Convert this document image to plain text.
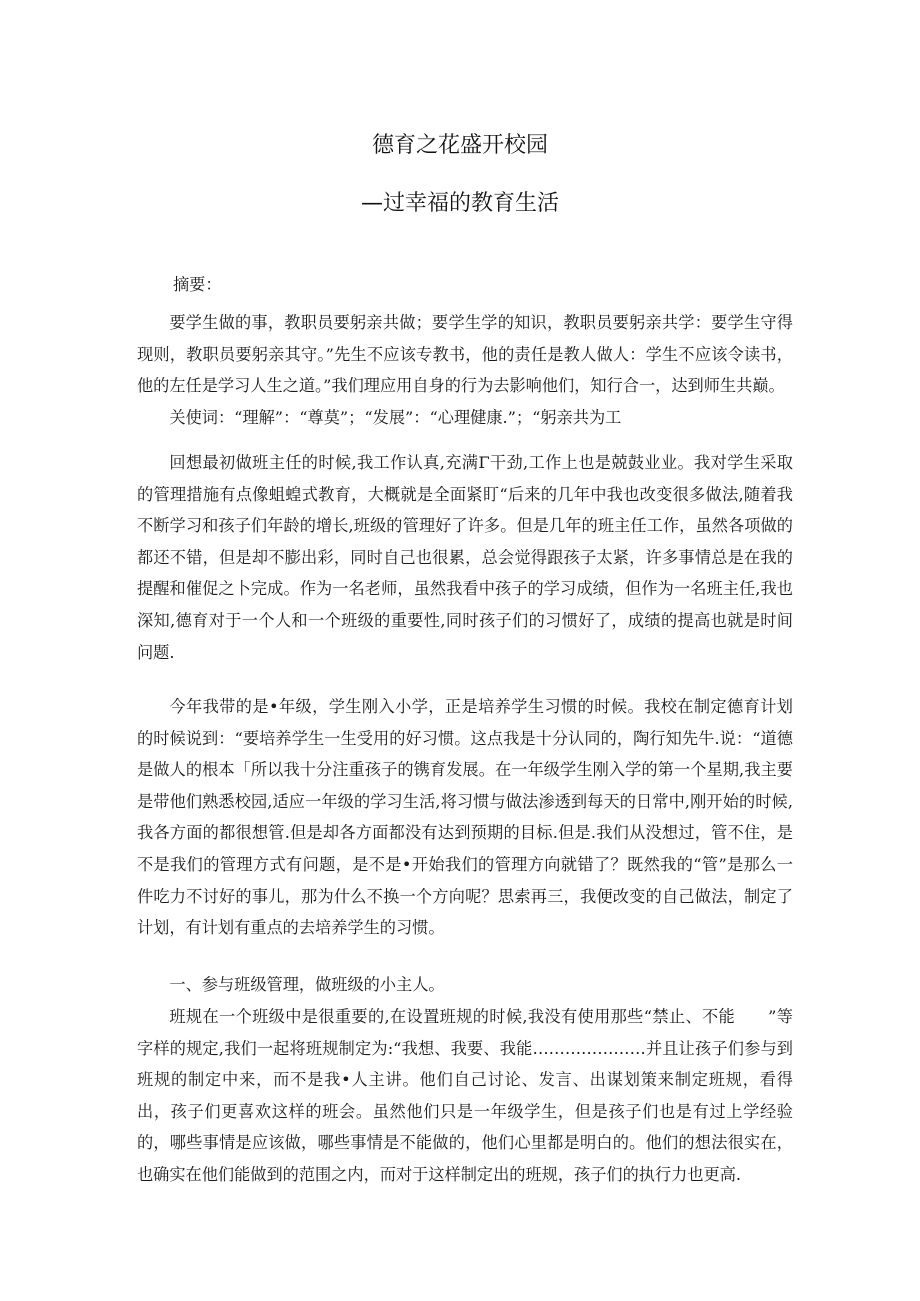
德育之花盛开校园
—过幸福的教育生活
摘要：

要学生做的事，教职员要躬亲共做；要学生学的知识，教职员要躬亲共学：要学生守得现则，教职员要躬亲其守。”先生不应该专教书，他的责任是教人做人：学生不应该令读书，他的左任是学习人生之道。”我们理应用自身的行为去影响他们，知行合一，达到师生共巅。

关使词：“理解”：“尊莫”；“发展”：“心理健康.”；“躬亲共为工

回想最初做班主任的时候,我工作认真,充满Γ干劲,工作上也是兢鼓业业。我对学生采取的管理措施有点像蛆蝗式教育，大概就是全面紧盯“后来的几年中我也改变很多做法,随着我不断学习和孩子们年龄的增长,班级的管理好了许多。但是几年的班主任工作，虽然各项做的都还不错，但是却不膨出彩，同时自己也很累，总会觉得跟孩子太紧，许多事情总是在我的提醒和催促之卜完成。作为一名老师，虽然我看中孩子的学习成绩，但作为一名班主任,我也深知,德育对于一个人和一个班级的重要性,同时孩子们的习惯好了，成绩的提高也就是时间问题.

今年我带的是•年级，学生刚入小学，正是培养学生习惯的时候。我校在制定德育计划的时候说到：“要培养学生一生受用的好习惯。这点我是十分认同的，陶行知先牛.说：“道德是做人的根本「所以我十分注重孩子的镌育发展。在一年级学生刚入学的第一个星期,我主要是带他们熟悉校园,适应一年级的学习生活,将习惯与做法渗透到每天的日常中,刚开始的时候,我各方面的都很想管.但是却各方面都没有达到预期的目标.但是.我们从没想过，管不住，是不是我们的管理方式有问题，是不是•开始我们的管理方向就错了？既然我的“管”是那么一件吃力不讨好的事儿，那为什么不换一个方向呢？思索再三，我便改变的自己做法，制定了计划，有计划有重点的去培养学生的习惯。

一、参与班级管理，做班级的小主人。

班规在一个班级中是很重要的,在设置班规的时候,我没有使用那些“禁止、不能　　”等字样的规定,我们一起将班规制定为:“我想、我要、我能…………………并且让孩子们参与到班规的制定中来，而不是我•人主讲。他们自己讨论、发言、出谋划策来制定班规，看得出，孩子们更喜欢这样的班会。虽然他们只是一年级学生，但是孩子们也是有过上学经验的，哪些事情是应该做，哪些事情是不能做的，他们心里都是明白的。他们的想法很实在，也确实在他们能做到的范围之内，而对于这样制定出的班规，孩子们的执行力也更高.
